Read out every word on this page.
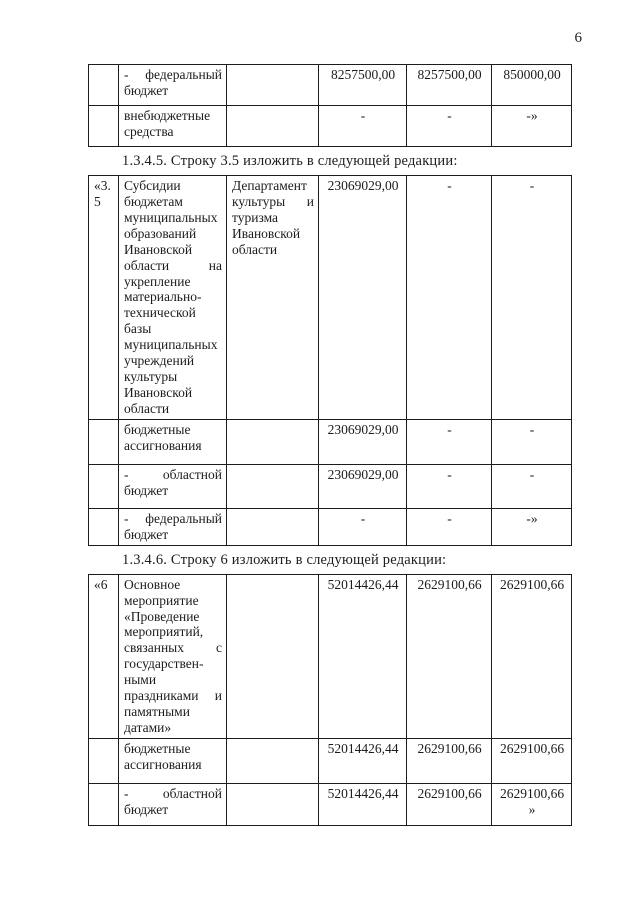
6
	- федеральный бюджет		8257500,00	8257500,00	850000,00
	внебюджетные средства		-	-	-»
1.3.4.5. Строку 3.5 изложить в следующей редакции:
«3.5	Субсидии бюджетам муниципальных образований Ивановской области на укрепление материально-технической базы муниципальных учреждений культуры Ивановской области	Департамент культуры и туризма Ивановской области	23069029,00	-	-
	бюджетные ассигнования		23069029,00	-	-
	- областной бюджет		23069029,00	-	-
	- федеральный бюджет		-	-	-»
1.3.4.6. Строку 6 изложить в следующей редакции:
«6	Основное мероприятие «Проведение мероприятий, связанных с государствен-ными праздниками и памятными датами»		52014426,44	2629100,66	2629100,66
	бюджетные ассигнования		52014426,44	2629100,66	2629100,66
	- областной бюджет		52014426,44	2629100,66	2629100,66»
